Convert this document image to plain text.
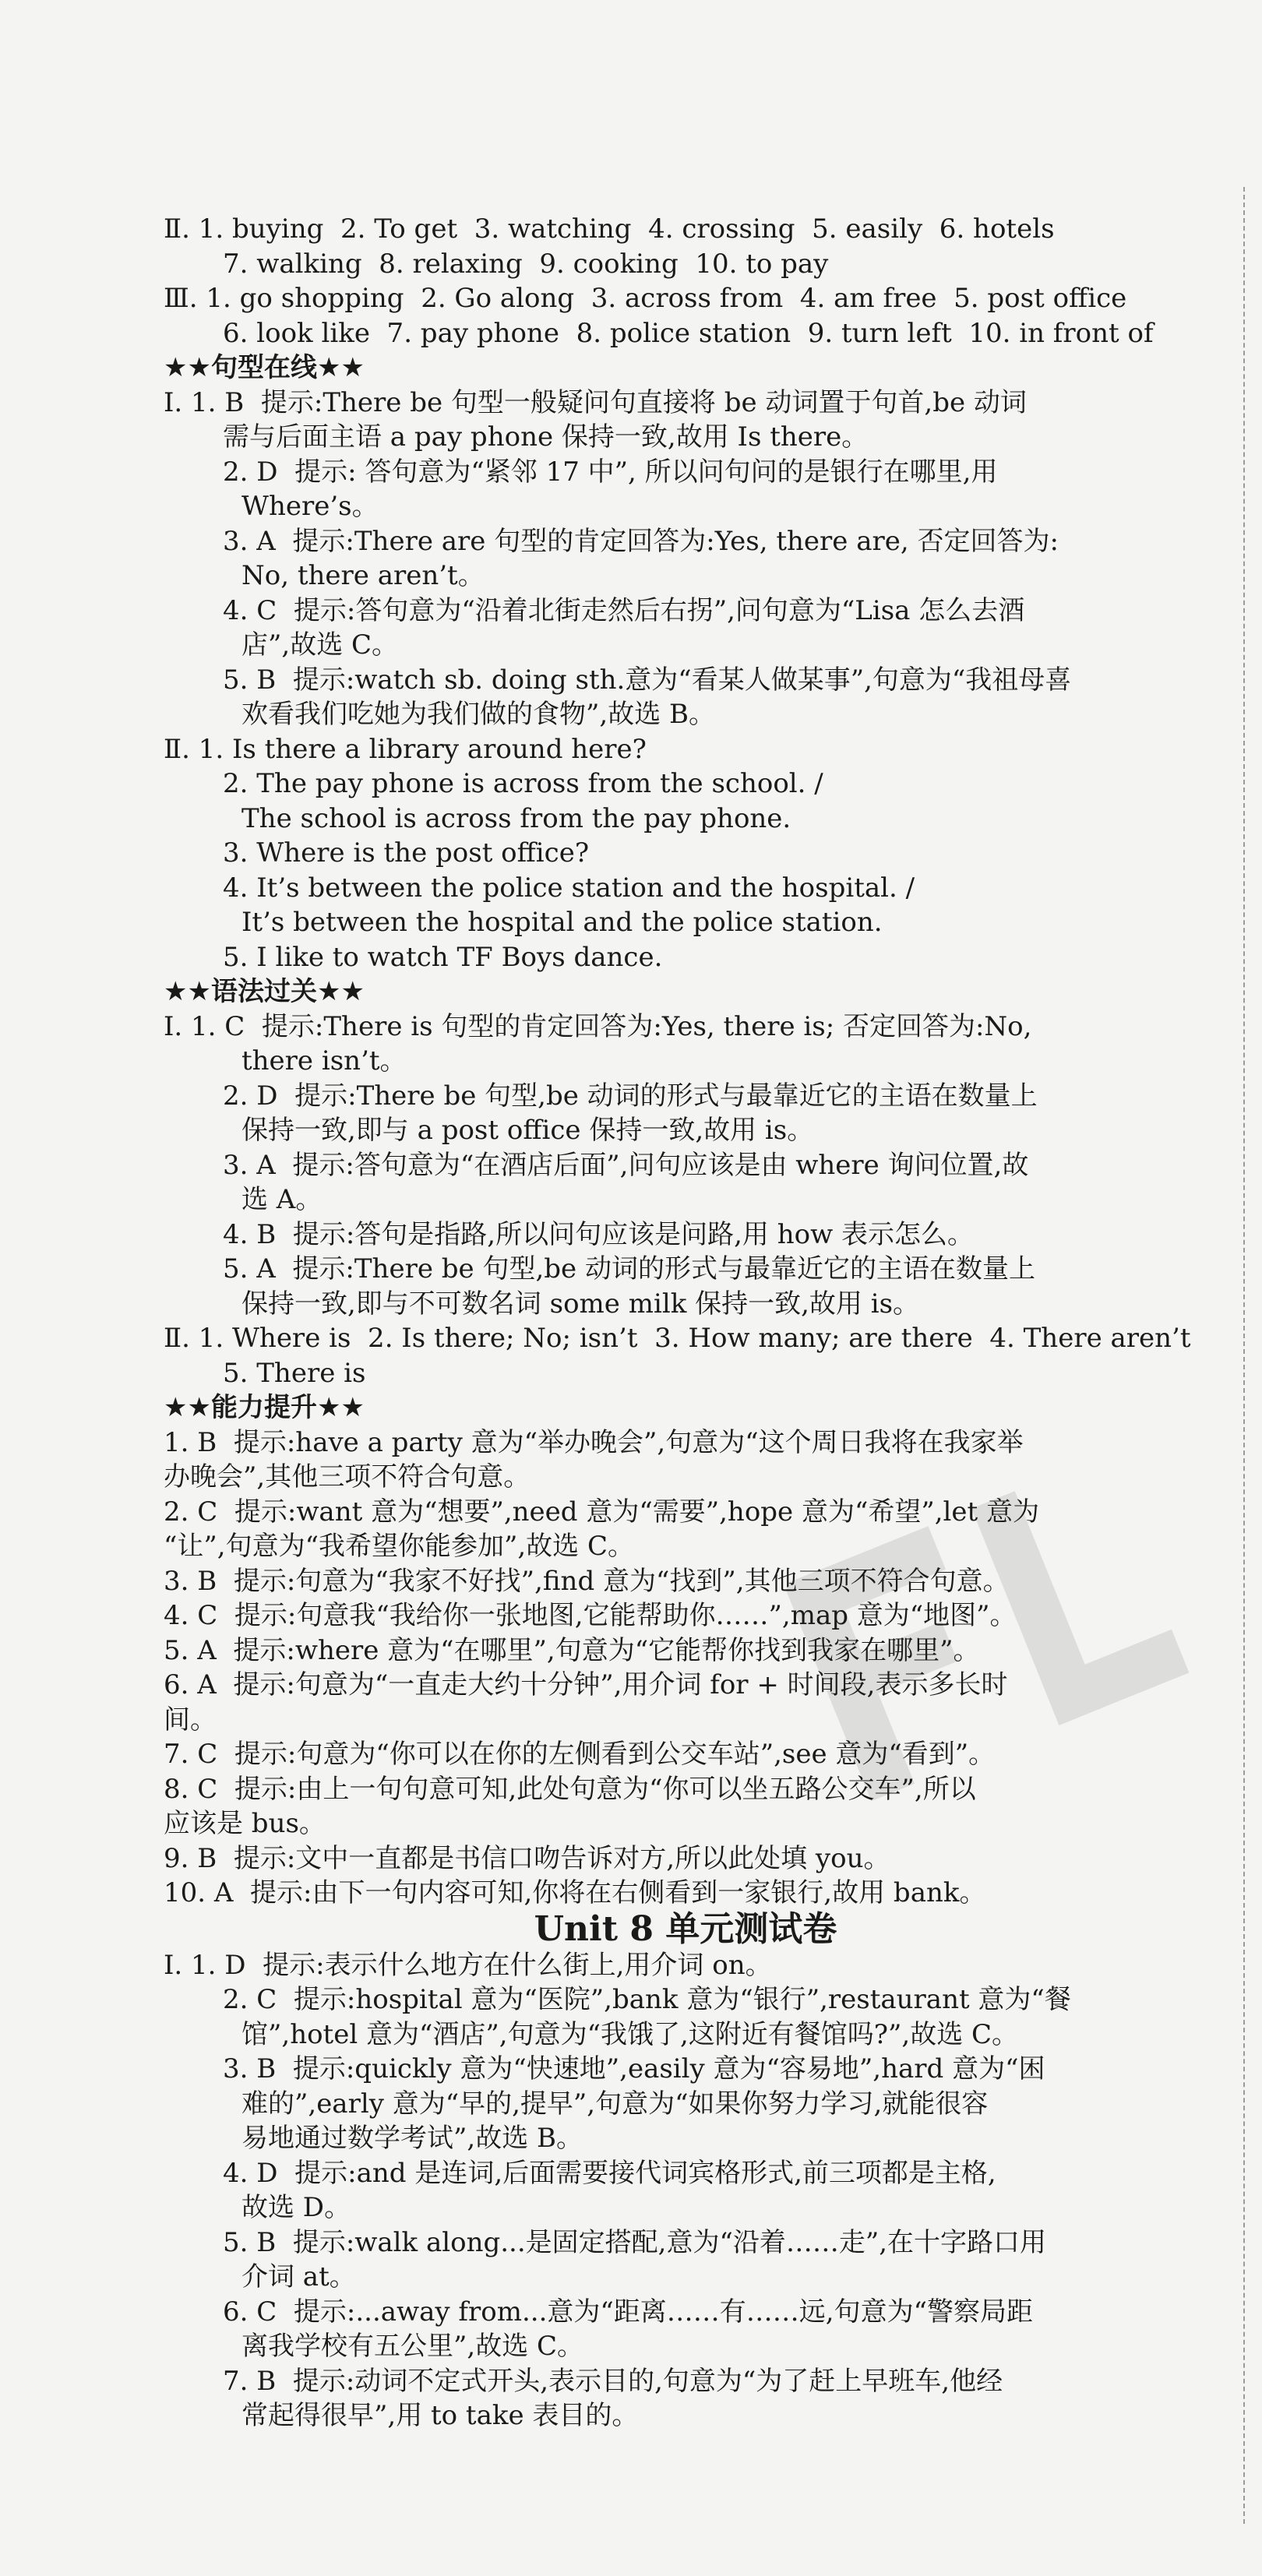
Ⅱ. 1. buying  2. To get  3. watching  4. crossing  5. easily  6. hotels
7. walking  8. relaxing  9. cooking  10. to pay
Ⅲ. 1. go shopping  2. Go along  3. across from  4. am free  5. post office
6. look like  7. pay phone  8. police station  9. turn left  10. in front of
★★句型在线★★
Ⅰ. 1. B  提示:There be 句型一般疑问句直接将 be 动词置于句首,be 动词
需与后面主语 a pay phone 保持一致,故用 Is there。
2. D  提示: 答句意为“紧邻 17 中”, 所以问句问的是银行在哪里,用
Where’s。
3. A  提示:There are 句型的肯定回答为:Yes, there are, 否定回答为:
No, there aren’t。
4. C  提示:答句意为“沿着北街走然后右拐”,问句意为“Lisa 怎么去酒
店”,故选 C。
5. B  提示:watch sb. doing sth.意为“看某人做某事”,句意为“我祖母喜
欢看我们吃她为我们做的食物”,故选 B。
Ⅱ. 1. Is there a library around here?
2. The pay phone is across from the school. /
The school is across from the pay phone.
3. Where is the post office?
4. It’s between the police station and the hospital. /
It’s between the hospital and the police station.
5. I like to watch TF Boys dance.
★★语法过关★★
Ⅰ. 1. C  提示:There is 句型的肯定回答为:Yes, there is; 否定回答为:No,
there isn’t。
2. D  提示:There be 句型,be 动词的形式与最靠近它的主语在数量上
保持一致,即与 a post office 保持一致,故用 is。
3. A  提示:答句意为“在酒店后面”,问句应该是由 where 询问位置,故
选 A。
4. B  提示:答句是指路,所以问句应该是问路,用 how 表示怎么。
5. A  提示:There be 句型,be 动词的形式与最靠近它的主语在数量上
保持一致,即与不可数名词 some milk 保持一致,故用 is。
Ⅱ. 1. Where is  2. Is there; No; isn’t  3. How many; are there  4. There aren’t
5. There is
★★能力提升★★
1. B  提示:have a party 意为“举办晚会”,句意为“这个周日我将在我家举
办晚会”,其他三项不符合句意。
2. C  提示:want 意为“想要”,need 意为“需要”,hope 意为“希望”,let 意为
“让”,句意为“我希望你能参加”,故选 C。
3. B  提示:句意为“我家不好找”,find 意为“找到”,其他三项不符合句意。
4. C  提示:句意我“我给你一张地图,它能帮助你……”,map 意为“地图”。
5. A  提示:where 意为“在哪里”,句意为“它能帮你找到我家在哪里”。
6. A  提示:句意为“一直走大约十分钟”,用介词 for + 时间段,表示多长时
间。
7. C  提示:句意为“你可以在你的左侧看到公交车站”,see 意为“看到”。
8. C  提示:由上一句句意可知,此处句意为“你可以坐五路公交车”,所以
应该是 bus。
9. B  提示:文中一直都是书信口吻告诉对方,所以此处填 you。
10. A  提示:由下一句内容可知,你将在右侧看到一家银行,故用 bank。
Unit 8 单元测试卷
Ⅰ. 1. D  提示:表示什么地方在什么街上,用介词 on。
2. C  提示:hospital 意为“医院”,bank 意为“银行”,restaurant 意为“餐
馆”,hotel 意为“酒店”,句意为“我饿了,这附近有餐馆吗?”,故选 C。
3. B  提示:quickly 意为“快速地”,easily 意为“容易地”,hard 意为“困
难的”,early 意为“早的,提早”,句意为“如果你努力学习,就能很容
易地通过数学考试”,故选 B。
4. D  提示:and 是连词,后面需要接代词宾格形式,前三项都是主格,
故选 D。
5. B  提示:walk along...是固定搭配,意为“沿着……走”,在十字路口用
介词 at。
6. C  提示:...away from...意为“距离……有……远,句意为“警察局距
离我学校有五公里”,故选 C。
7. B  提示:动词不定式开头,表示目的,句意为“为了赶上早班车,他经
常起得很早”,用 to take 表目的。
